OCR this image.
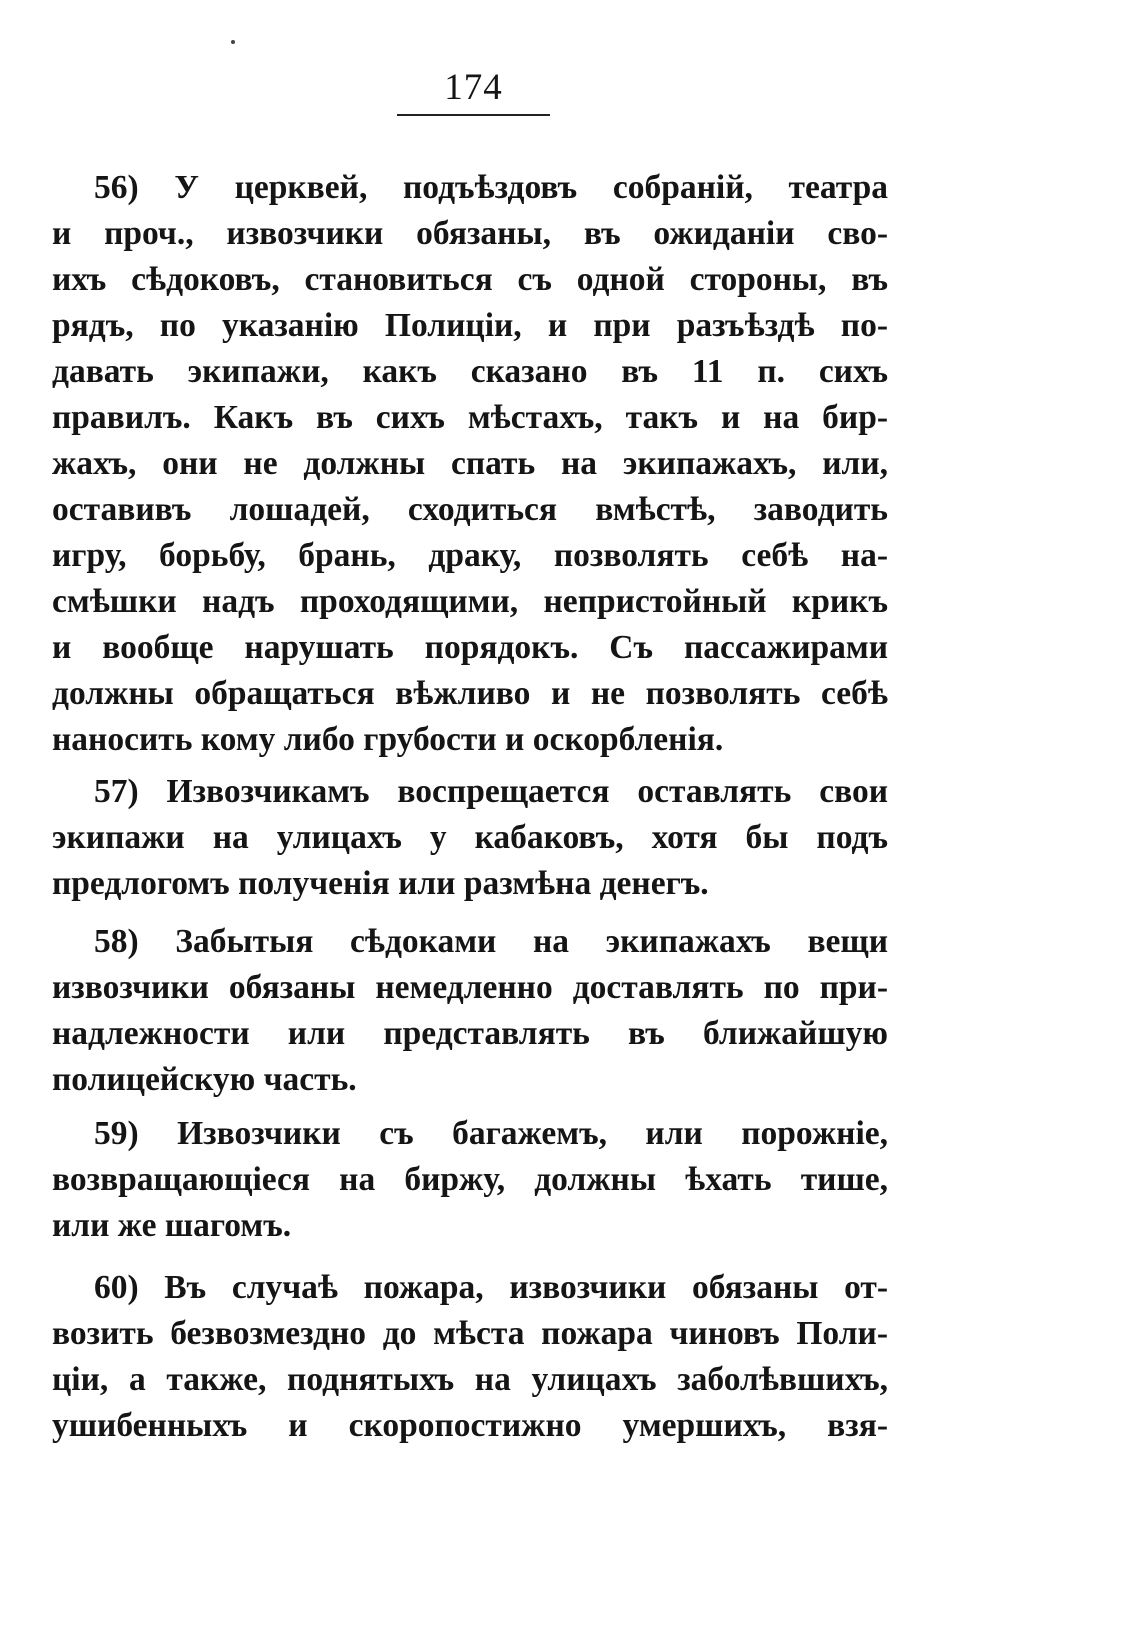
174
56) У церквей, подъѣздовъ собраній, театра
и проч., извозчики обязаны, въ ожиданіи сво-
ихъ сѣдоковъ, становиться съ одной стороны, въ
рядъ, по указанію Полиціи, и при разъѣздѣ по-
давать экипажи, какъ сказано въ 11 п. сихъ
правилъ. Какъ въ сихъ мѣстахъ, такъ и на бир-
жахъ, они не должны спать на экипажахъ, или,
оставивъ лошадей, сходиться вмѣстѣ, заводить
игру, борьбу, брань, драку, позволять себѣ на-
смѣшки надъ проходящими, непристойный крикъ
и вообще нарушать порядокъ. Съ пассажирами
должны обращаться вѣжливо и не позволять себѣ
наносить кому либо грубости и оскорбленія.
57) Извозчикамъ воспрещается оставлять свои
экипажи на улицахъ у кабаковъ, хотя бы подъ
предлогомъ полученія или размѣна денегъ.
58) Забытыя сѣдоками на экипажахъ вещи
извозчики обязаны немедленно доставлять по при-
надлежности или представлять въ ближайшую
полицейскую часть.
59) Извозчики съ багажемъ, или порожніе,
возвращающіеся на биржу, должны ѣхать тише,
или же шагомъ.
60) Въ случаѣ пожара, извозчики обязаны от-
возить безвозмездно до мѣста пожара чиновъ Поли-
ціи, а также, поднятыхъ на улицахъ заболѣвшихъ,
ушибенныхъ и скоропостижно умершихъ, взя-
